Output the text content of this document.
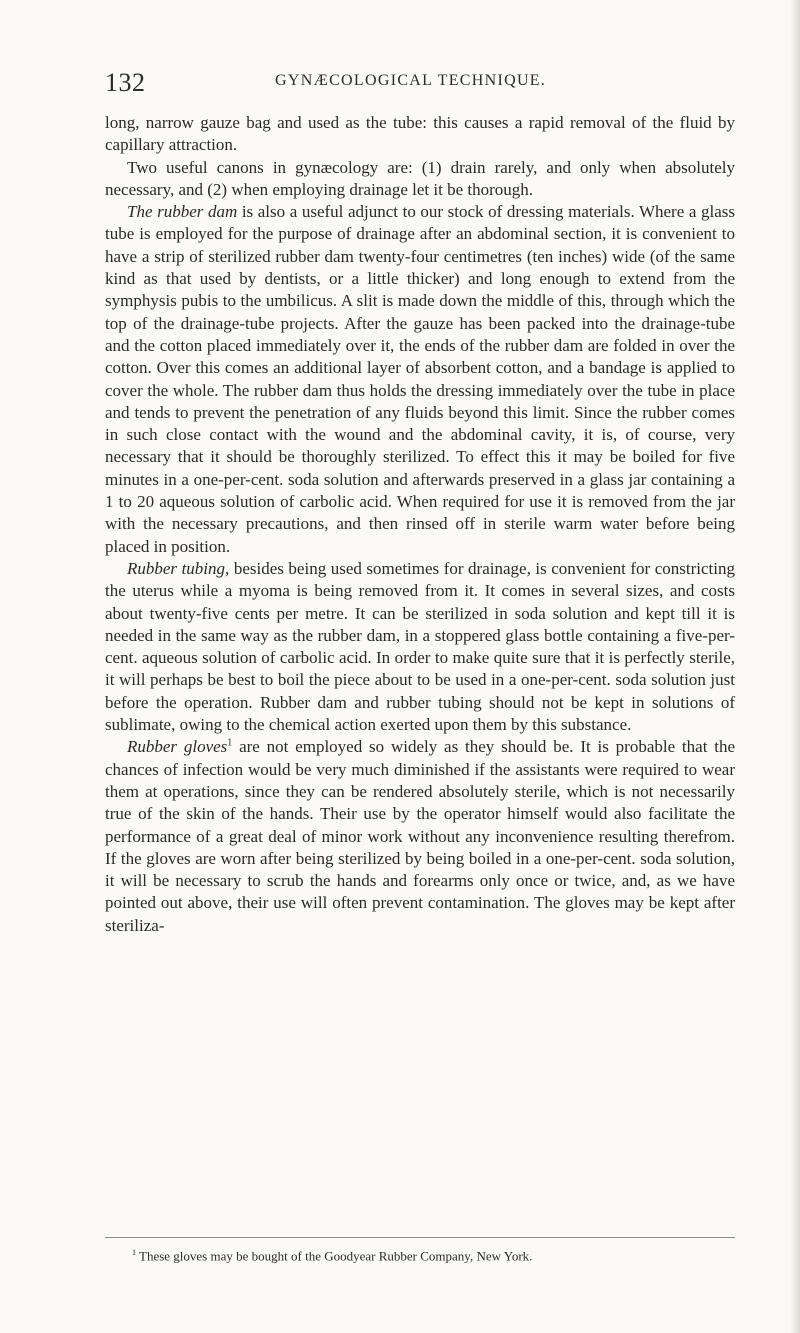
132	GYNÆCOLOGICAL TECHNIQUE.

long, narrow gauze bag and used as the tube: this causes a rapid removal of the fluid by capillary attraction.

Two useful canons in gynæcology are: (1) drain rarely, and only when absolutely necessary, and (2) when employing drainage let it be thorough.

The rubber dam is also a useful adjunct to our stock of dressing materials. Where a glass tube is employed for the purpose of drainage after an abdominal section, it is convenient to have a strip of sterilized rubber dam twenty-four centimetres (ten inches) wide (of the same kind as that used by dentists, or a little thicker) and long enough to extend from the symphysis pubis to the umbilicus. A slit is made down the middle of this, through which the top of the drainage-tube projects. After the gauze has been packed into the drainage-tube and the cotton placed immediately over it, the ends of the rubber dam are folded in over the cotton. Over this comes an additional layer of absorbent cotton, and a bandage is applied to cover the whole. The rubber dam thus holds the dressing immediately over the tube in place and tends to prevent the penetration of any fluids beyond this limit. Since the rubber comes in such close contact with the wound and the abdominal cavity, it is, of course, very necessary that it should be thoroughly sterilized. To effect this it may be boiled for five minutes in a one-per-cent. soda solution and afterwards preserved in a glass jar containing a 1 to 20 aqueous solution of carbolic acid. When required for use it is removed from the jar with the necessary precautions, and then rinsed off in sterile warm water before being placed in position.

Rubber tubing, besides being used sometimes for drainage, is convenient for constricting the uterus while a myoma is being removed from it. It comes in several sizes, and costs about twenty-five cents per metre. It can be sterilized in soda solution and kept till it is needed in the same way as the rubber dam, in a stoppered glass bottle containing a five-per-cent. aqueous solution of carbolic acid. In order to make quite sure that it is perfectly sterile, it will perhaps be best to boil the piece about to be used in a one-per-cent. soda solution just before the operation. Rubber dam and rubber tubing should not be kept in solutions of sublimate, owing to the chemical action exerted upon them by this substance.

Rubber gloves$^1$ are not employed so widely as they should be. It is probable that the chances of infection would be very much diminished if the assistants were required to wear them at operations, since they can be rendered absolutely sterile, which is not necessarily true of the skin of the hands. Their use by the operator himself would also facilitate the performance of a great deal of minor work without any inconvenience resulting therefrom. If the gloves are worn after being sterilized by being boiled in a one-per-cent. soda solution, it will be necessary to scrub the hands and forearms only once or twice, and, as we have pointed out above, their use will often prevent contamination. The gloves may be kept after steriliza-

$^1$ These gloves may be bought of the Goodyear Rubber Company, New York.
